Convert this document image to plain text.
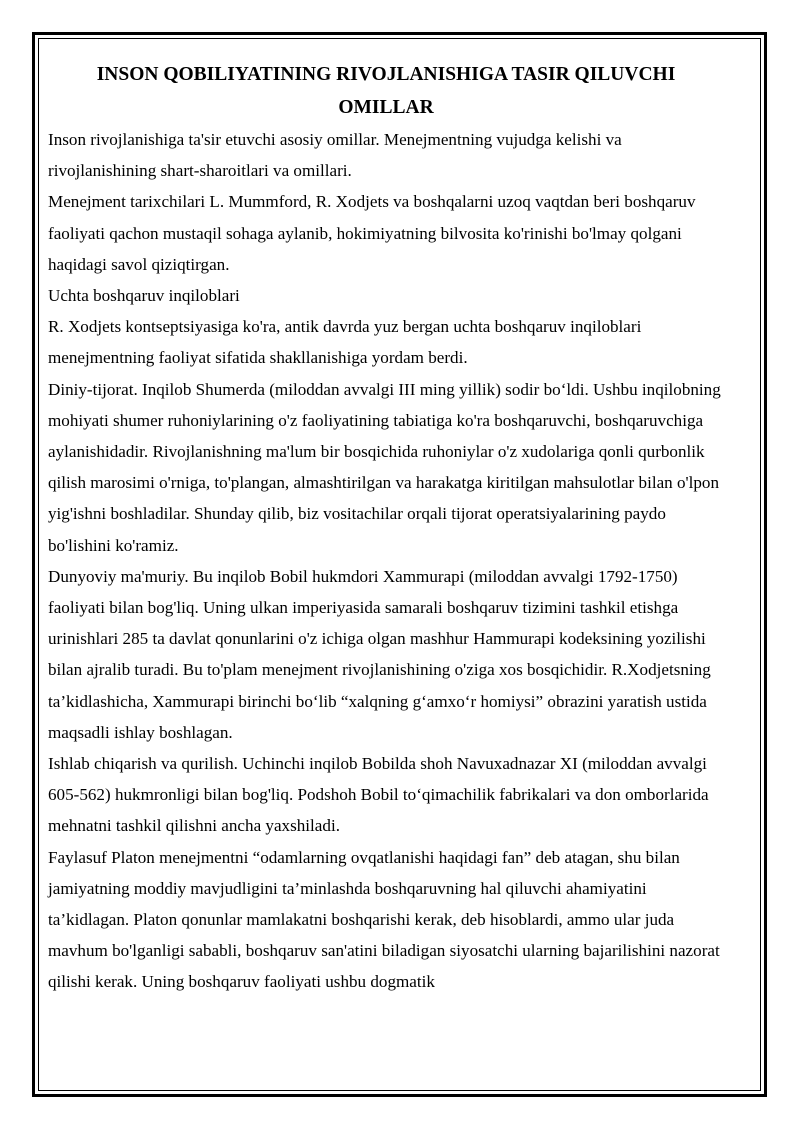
INSON QOBILIYATINING RIVOJLANISHIGA TASIR QILUVCHI OMILLAR

Inson rivojlanishiga ta'sir etuvchi asosiy omillar. Menejmentning vujudga kelishi va rivojlanishining shart-sharoitlari va omillari.

Menejment tarixchilari L. Mummford, R. Xodjets va boshqalarni uzoq vaqtdan beri boshqaruv faoliyati qachon mustaqil sohaga aylanib, hokimiyatning bilvosita ko'rinishi bo'lmay qolgani haqidagi savol qiziqtirgan.

Uchta boshqaruv inqiloblari

R. Xodjets kontseptsiyasiga ko'ra, antik davrda yuz bergan uchta boshqaruv inqiloblari menejmentning faoliyat sifatida shakllanishiga yordam berdi.

Diniy-tijorat. Inqilob Shumerda (miloddan avvalgi III ming yillik) sodir bo‘ldi. Ushbu inqilobning mohiyati shumer ruhoniylarining o'z faoliyatining tabiatiga ko'ra boshqaruvchi, boshqaruvchiga aylanishidadir. Rivojlanishning ma'lum bir bosqichida ruhoniylar o'z xudolariga qonli qurbonlik qilish marosimi o'rniga, to'plangan, almashtirilgan va harakatga kiritilgan mahsulotlar bilan o'lpon yig'ishni boshladilar. Shunday qilib, biz vositachilar orqali tijorat operatsiyalarining paydo bo'lishini ko'ramiz.

Dunyoviy ma'muriy. Bu inqilob Bobil hukmdori Xammurapi (miloddan avvalgi 1792-1750) faoliyati bilan bog'liq. Uning ulkan imperiyasida samarali boshqaruv tizimini tashkil etishga urinishlari 285 ta davlat qonunlarini o'z ichiga olgan mashhur Hammurapi kodeksining yozilishi bilan ajralib turadi. Bu to'plam menejment rivojlanishining o'ziga xos bosqichidir. R.Xodjetsning ta’kidlashicha, Xammurapi birinchi bo‘lib “xalqning g‘amxo‘r homiysi” obrazini yaratish ustida maqsadli ishlay boshlagan.

Ishlab chiqarish va qurilish. Uchinchi inqilob Bobilda shoh Navuxadnazar XI (miloddan avvalgi 605-562) hukmronligi bilan bog'liq. Podshoh Bobil to‘qimachilik fabrikalari va don omborlarida mehnatni tashkil qilishni ancha yaxshiladi.

Faylasuf Platon menejmentni “odamlarning ovqatlanishi haqidagi fan” deb atagan, shu bilan jamiyatning moddiy mavjudligini ta’minlashda boshqaruvning hal qiluvchi ahamiyatini ta’kidlagan. Platon qonunlar mamlakatni boshqarishi kerak, deb hisoblardi, ammo ular juda mavhum bo'lganligi sababli, boshqaruv san'atini biladigan siyosatchi ularning bajarilishini nazorat qilishi kerak. Uning boshqaruv faoliyati ushbu dogmatik
